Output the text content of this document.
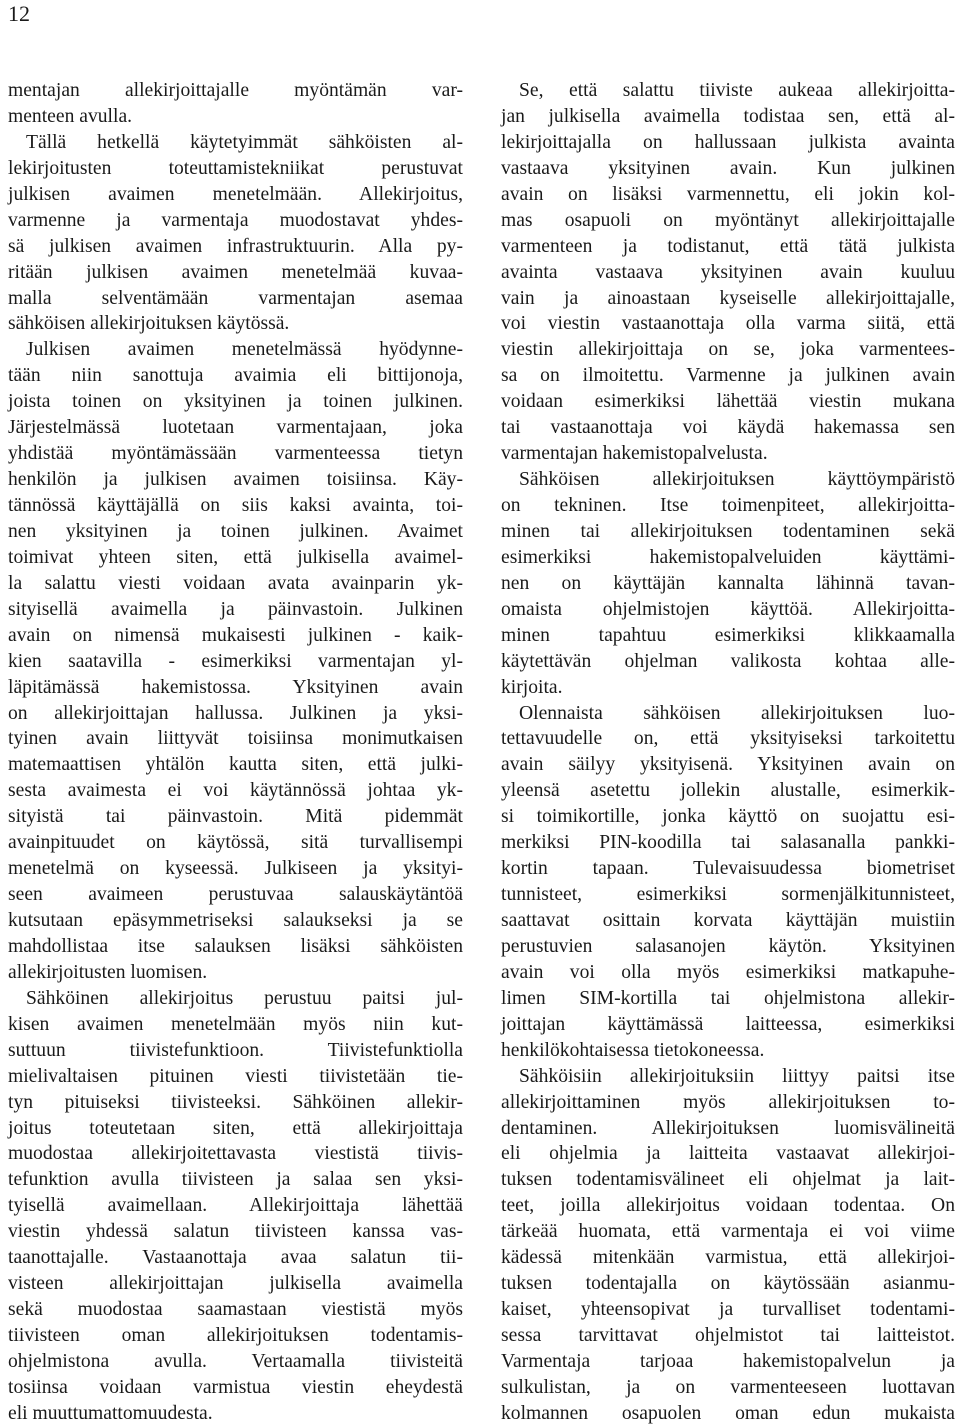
12
mentajan allekirjoittajalle myöntämän var-
menteen avulla.
Tällä hetkellä käytetyimmät sähköisten al-
lekirjoitusten toteuttamistekniikat perustuvat
julkisen avaimen menetelmään. Allekirjoitus,
varmenne ja varmentaja muodostavat yhdes-
sä julkisen avaimen infrastruktuurin. Alla py-
ritään julkisen avaimen menetelmää kuvaa-
malla selventämään varmentajan asemaa
sähköisen allekirjoituksen käytössä.
Julkisen avaimen menetelmässä hyödynne-
tään niin sanottuja avaimia eli bittijonoja,
joista toinen on yksityinen ja toinen julkinen.
Järjestelmässä luotetaan varmentajaan, joka
yhdistää myöntämässään varmenteessa tietyn
henkilön ja julkisen avaimen toisiinsa. Käy-
tännössä käyttäjällä on siis kaksi avainta, toi-
nen yksityinen ja toinen julkinen. Avaimet
toimivat yhteen siten, että julkisella avaimel-
la salattu viesti voidaan avata avainparin yk-
sityisellä avaimella ja päinvastoin. Julkinen
avain on nimensä mukaisesti julkinen - kaik-
kien saatavilla - esimerkiksi varmentajan yl-
läpitämässä hakemistossa. Yksityinen avain
on allekirjoittajan hallussa. Julkinen ja yksi-
tyinen avain liittyvät toisiinsa monimutkaisen
matemaattisen yhtälön kautta siten, että julki-
sesta avaimesta ei voi käytännössä johtaa yk-
sityistä tai päinvastoin. Mitä pidemmät
avainpituudet on käytössä, sitä turvallisempi
menetelmä on kyseessä. Julkiseen ja yksityi-
seen avaimeen perustuvaa salauskäytäntöä
kutsutaan epäsymmetriseksi salaukseksi ja se
mahdollistaa itse salauksen lisäksi sähköisten
allekirjoitusten luomisen.
Sähköinen allekirjoitus perustuu paitsi jul-
kisen avaimen menetelmään myös niin kut-
suttuun tiivistefunktioon. Tiivistefunktiolla
mielivaltaisen pituinen viesti tiivistetään tie-
tyn pituiseksi tiivisteeksi. Sähköinen allekir-
joitus toteutetaan siten, että allekirjoittaja
muodostaa allekirjoitettavasta viestistä tiivis-
tefunktion avulla tiivisteen ja salaa sen yksi-
tyisellä avaimellaan. Allekirjoittaja lähettää
viestin yhdessä salatun tiivisteen kanssa vas-
taanottajalle. Vastaanottaja avaa salatun tii-
visteen allekirjoittajan julkisella avaimella
sekä muodostaa saamastaan viestistä myös
tiivisteen oman allekirjoituksen todentamis-
ohjelmistona avulla. Vertaamalla tiivisteitä
tosiinsa voidaan varmistua viestin eheydestä
eli muuttumattomuudesta.
Se, että salattu tiiviste aukeaa allekirjoitta-
jan julkisella avaimella todistaa sen, että al-
lekirjoittajalla on hallussaan julkista avainta
vastaava yksityinen avain. Kun julkinen
avain on lisäksi varmennettu, eli jokin kol-
mas osapuoli on myöntänyt allekirjoittajalle
varmenteen ja todistanut, että tätä julkista
avainta vastaava yksityinen avain kuuluu
vain ja ainoastaan kyseiselle allekirjoittajalle,
voi viestin vastaanottaja olla varma siitä, että
viestin allekirjoittaja on se, joka varmentees-
sa on ilmoitettu. Varmenne ja julkinen avain
voidaan esimerkiksi lähettää viestin mukana
tai vastaanottaja voi käydä hakemassa sen
varmentajan hakemistopalvelusta.
Sähköisen allekirjoituksen käyttöympäristö
on tekninen. Itse toimenpiteet, allekirjoitta-
minen tai allekirjoituksen todentaminen sekä
esimerkiksi hakemistopalveluiden käyttämi-
nen on käyttäjän kannalta lähinnä tavan-
omaista ohjelmistojen käyttöä. Allekirjoitta-
minen tapahtuu esimerkiksi klikkaamalla
käytettävän ohjelman valikosta kohtaa alle-
kirjoita.
Olennaista sähköisen allekirjoituksen luo-
tettavuudelle on, että yksityiseksi tarkoitettu
avain säilyy yksityisenä. Yksityinen avain on
yleensä asetettu jollekin alustalle, esimerkik-
si toimikortille, jonka käyttö on suojattu esi-
merkiksi PIN-koodilla tai salasanalla pankki-
kortin tapaan. Tulevaisuudessa biometriset
tunnisteet, esimerkiksi sormenjälkitunnisteet,
saattavat osittain korvata käyttäjän muistiin
perustuvien salasanojen käytön. Yksityinen
avain voi olla myös esimerkiksi matkapuhe-
limen SIM-kortilla tai ohjelmistona allekir-
joittajan käyttämässä laitteessa, esimerkiksi
henkilökohtaisessa tietokoneessa.
Sähköisiin allekirjoituksiin liittyy paitsi itse
allekirjoittaminen myös allekirjoituksen to-
dentaminen. Allekirjoituksen luomisvälineitä
eli ohjelmia ja laitteita vastaavat allekirjoi-
tuksen todentamisvälineet eli ohjelmat ja lait-
teet, joilla allekirjoitus voidaan todentaa. On
tärkeää huomata, että varmentaja ei voi viime
kädessä mitenkään varmistua, että allekirjoi-
tuksen todentajalla on käytössään asianmu-
kaiset, yhteensopivat ja turvalliset todentami-
sessa tarvittavat ohjelmistot tai laitteistot.
Varmentaja tarjoaa hakemistopalvelun ja
sulkulistan, ja on varmenteeseen luottavan
kolmannen osapuolen oman edun mukaista
